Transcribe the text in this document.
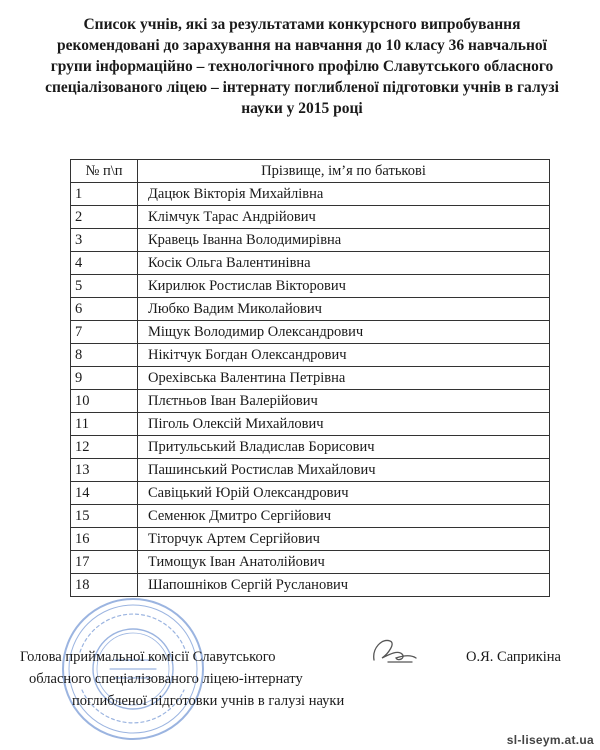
Список учнів, які за результатами конкурсного випробування рекомендовані до зарахування на навчання до 10 класу 36 навчальної групи інформаційно – технологічного профілю Славутського обласного спеціалізованого ліцею – інтернату поглибленої підготовки учнів в галузі науки у 2015 році
№ п\п	Прізвище, ім’я по батькові
1	Дацюк Вікторія Михайлівна
2	Клімчук Тарас Андрійович
3	Кравець Іванна Володимирівна
4	Косік Ольга Валентинівна
5	Кирилюк Ростислав Вікторович
6	Любко Вадим Миколайович
7	Міщук Володимир Олександрович
8	Нікітчук Богдан Олександрович
9	Орехівська Валентина Петрівна
10	Плєтньов Іван Валерійович
11	Піголь Олексій Михайлович
12	Притульський Владислав Борисович
13	Пашинський Ростислав Михайлович
14	Савіцький Юрій Олександрович
15	Семенюк Дмитро Сергійович
16	Тіторчук Артем Сергійович
17	Тимощук Іван Анатолійович
18	Шапошніков Сергій Русланович
Голова приймальної комісії Славутського
обласного спеціалізованого ліцею-інтернату
поглибленої підготовки учнів в галузі науки
О.Я. Саприкіна
sl-liseym.at.ua
